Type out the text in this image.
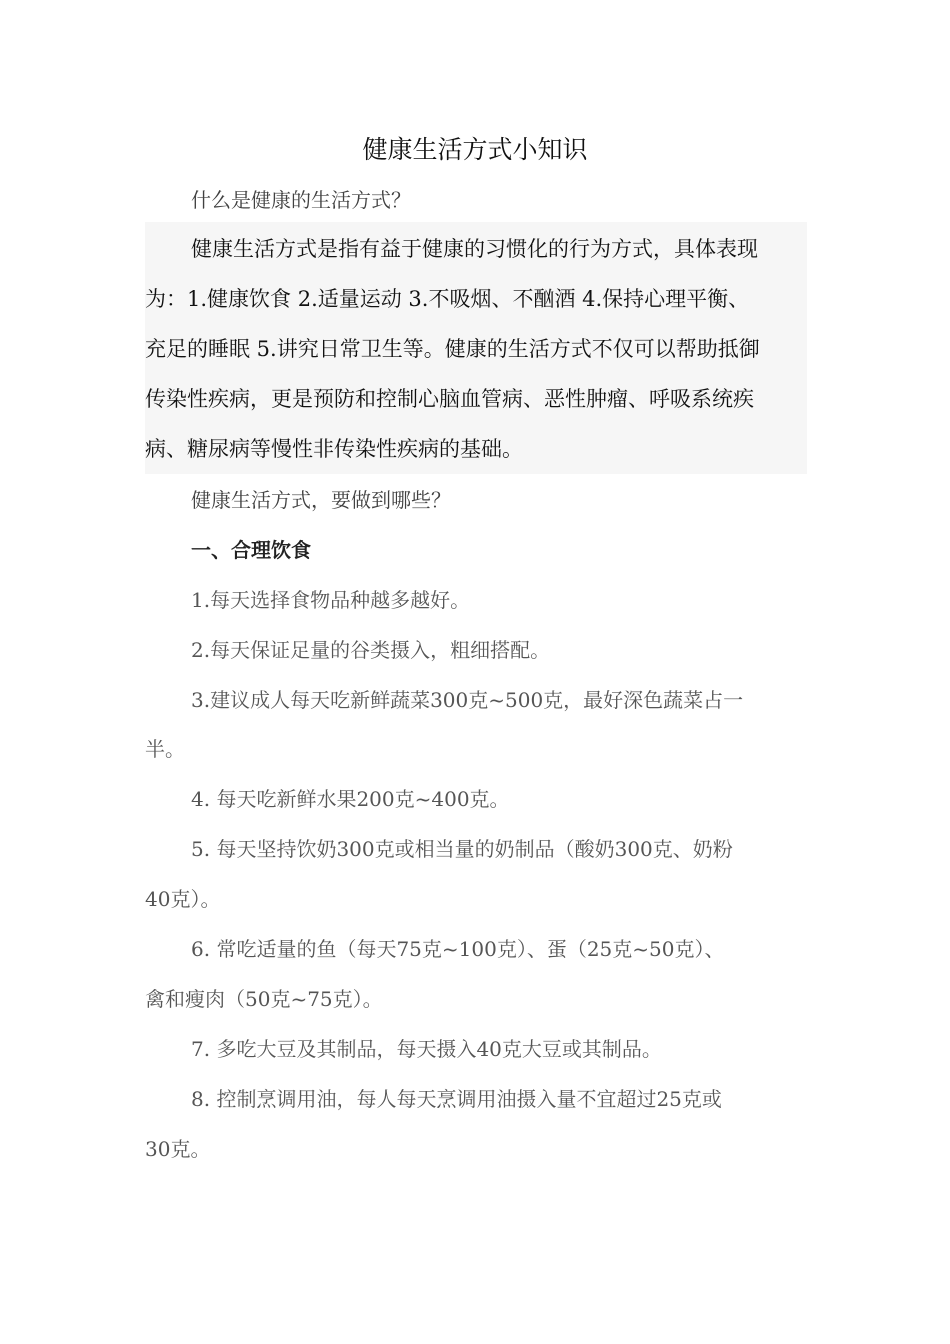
健康生活方式小知识
什么是健康的生活方式？
健康生活方式是指有益于健康的习惯化的行为方式，具体表现
为：1.健康饮食 2.适量运动 3.不吸烟、不酗酒 4.保持心理平衡、
充足的睡眠 5.讲究日常卫生等。健康的生活方式不仅可以帮助抵御
传染性疾病，更是预防和控制心脑血管病、恶性肿瘤、呼吸系统疾
病、糖尿病等慢性非传染性疾病的基础。
健康生活方式，要做到哪些？
一、合理饮食
1.每天选择食物品种越多越好。
2.每天保证足量的谷类摄入，粗细搭配。
3.建议成人每天吃新鲜蔬菜300克~500克，最好深色蔬菜占一
半。
4. 每天吃新鲜水果200克~400克。
5. 每天坚持饮奶300克或相当量的奶制品（酸奶300克、奶粉
40克）。
6. 常吃适量的鱼（每天75克~100克）、蛋（25克~50克）、
禽和瘦肉（50克~75克）。
7. 多吃大豆及其制品，每天摄入40克大豆或其制品。
8. 控制烹调用油，每人每天烹调用油摄入量不宜超过25克或
30克。
